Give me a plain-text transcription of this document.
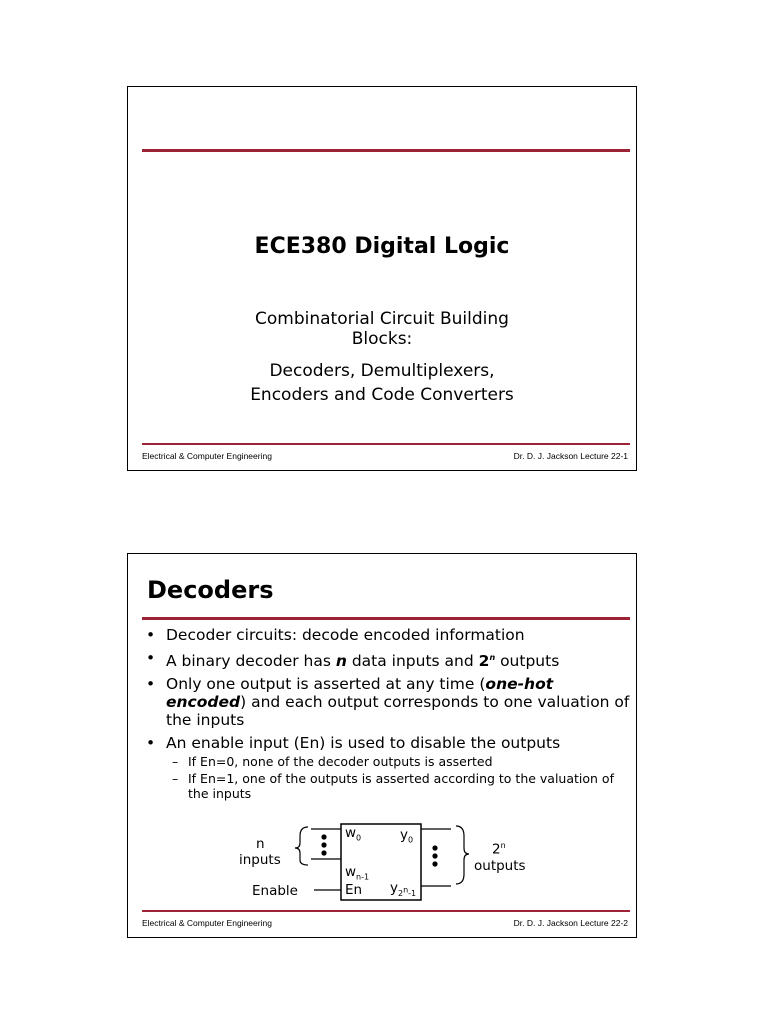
ECE380 Digital Logic
Combinatorial Circuit Building
Blocks:
Decoders, Demultiplexers,
Encoders and Code Converters
Electrical & Computer Engineering	Dr. D. J. Jackson Lecture 22-1
Decoders
• Decoder circuits: decode encoded information
• A binary decoder has n data inputs and 2$^n$ outputs
• Only one output is asserted at any time (one-hot encoded) and each output corresponds to one valuation of the inputs
• An enable input (En) is used to disable the outputs
– If En=0, none of the decoder outputs is asserted
– If En=1, one of the outputs is asserted according to the valuation of the inputs
n
inputs
Enable
$w_0$
$w_{n-1}$
En
$y_0$
$y_{2^n-1}$
2$^n$
outputs
Electrical & Computer Engineering	Dr. D. J. Jackson Lecture 22-2
